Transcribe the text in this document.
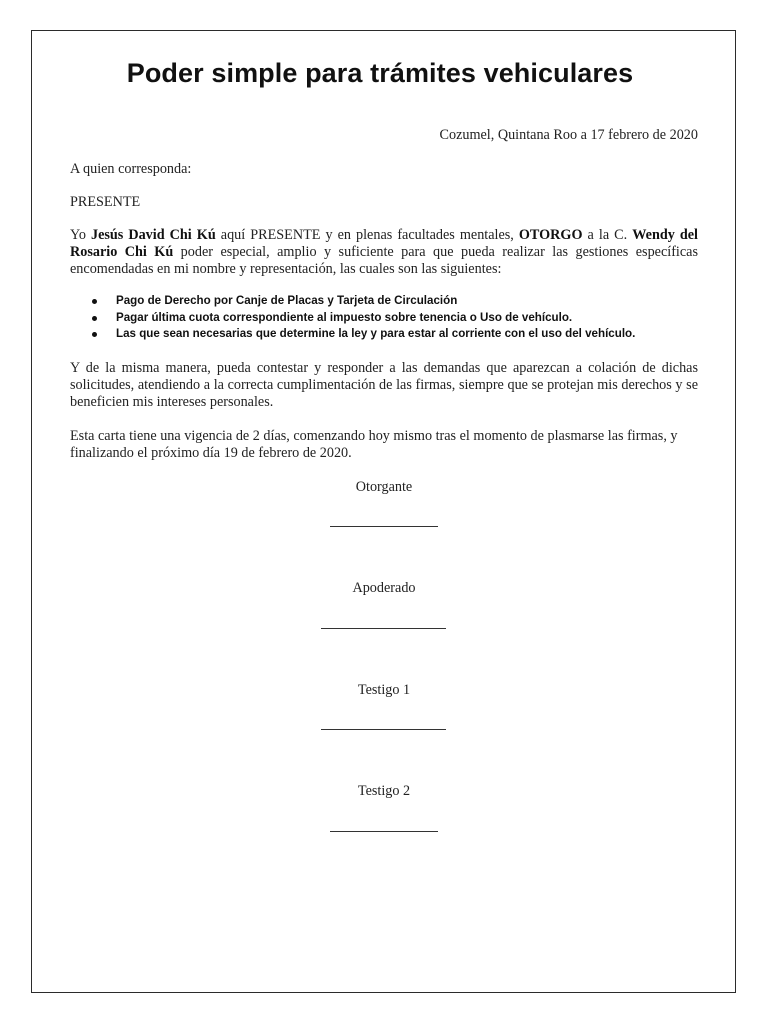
Poder simple para trámites vehiculares
Cozumel, Quintana Roo a 17 febrero de 2020
A quien corresponda:
PRESENTE
Yo Jesús David Chi Kú aquí PRESENTE y en plenas facultades mentales, OTORGO a la C. Wendy del Rosario Chi Kú poder especial, amplio y suficiente para que pueda realizar las gestiones específicas encomendadas en mi nombre y representación, las cuales son las siguientes:
Pago de Derecho por Canje de Placas y Tarjeta de Circulación
Pagar última cuota correspondiente al impuesto sobre tenencia o Uso de vehículo.
Las que sean necesarias que determine la ley y para estar al corriente con el uso del vehículo.
Y de la misma manera, pueda contestar y responder a las demandas que aparezcan a colación de dichas solicitudes, atendiendo a la correcta cumplimentación de las firmas, siempre que se protejan mis derechos y se beneficien mis intereses personales.
Esta carta tiene una vigencia de 2 días, comenzando hoy mismo tras el momento de plasmarse las firmas, y finalizando el próximo día 19 de febrero de 2020.
Otorgante
Apoderado
Testigo 1
Testigo 2
